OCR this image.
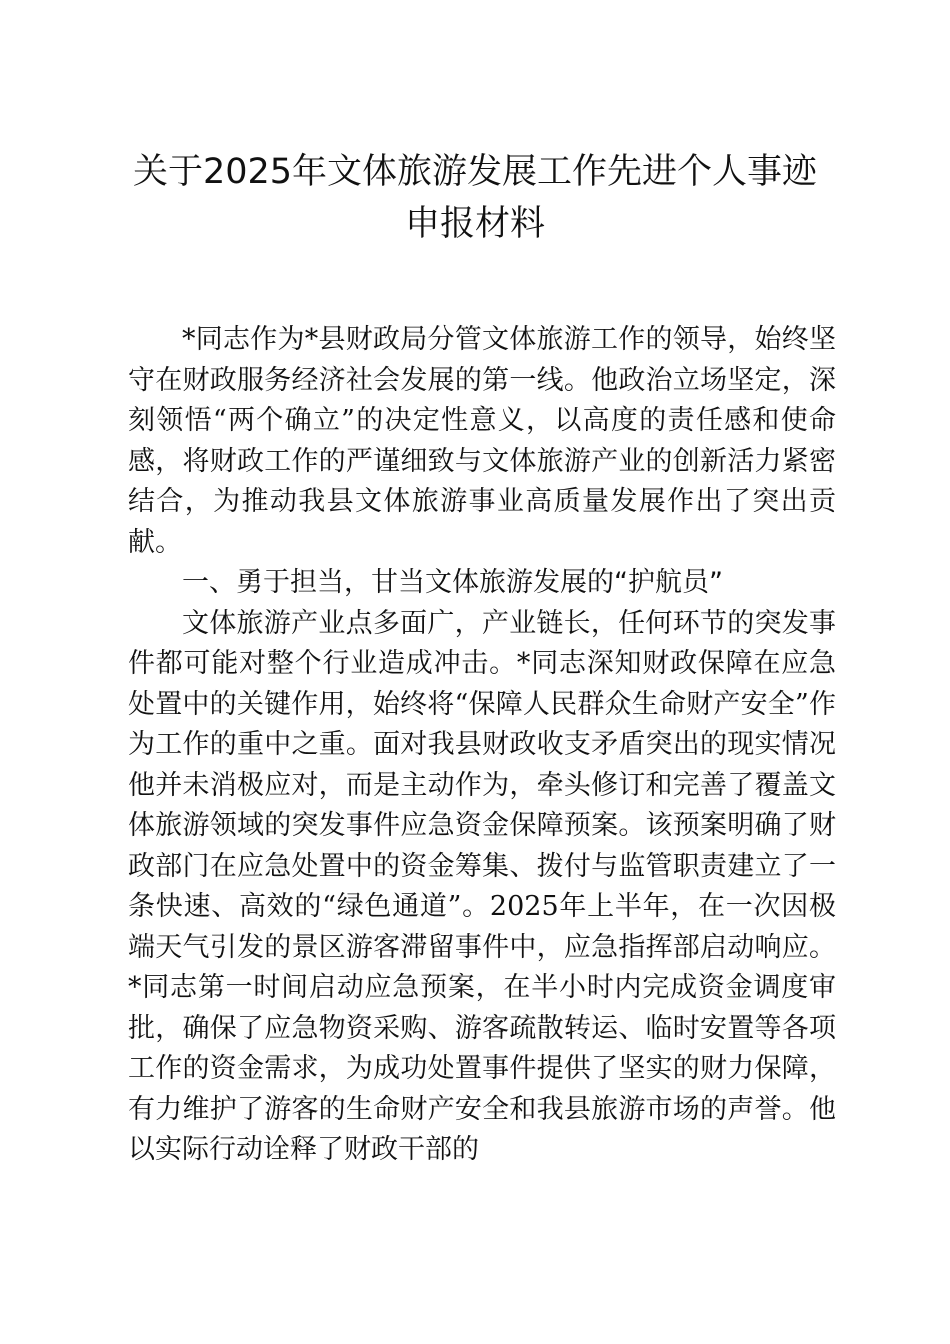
关于2025年文体旅游发展工作先进个人事迹
申报材料

*同志作为*县财政局分管文体旅游工作的领导，始终坚守在财政服务经济社会发展的第一线。他政治立场坚定，深刻领悟“两个确立”的决定性意义，以高度的责任感和使命感，将财政工作的严谨细致与文体旅游产业的创新活力紧密结合，为推动我县文体旅游事业高质量发展作出了突出贡献。

一、勇于担当，甘当文体旅游发展的“护航员”

文体旅游产业点多面广，产业链长，任何环节的突发事件都可能对整个行业造成冲击。*同志深知财政保障在应急处置中的关键作用，始终将“保障人民群众生命财产安全”作为工作的重中之重。面对我县财政收支矛盾突出的现实情况他并未消极应对，而是主动作为，牵头修订和完善了覆盖文体旅游领域的突发事件应急资金保障预案。该预案明确了财政部门在应急处置中的资金筹集、拨付与监管职责建立了一条快速、高效的“绿色通道”。2025年上半年，在一次因极端天气引发的景区游客滞留事件中，应急指挥部启动响应。*同志第一时间启动应急预案，在半小时内完成资金调度审批，确保了应急物资采购、游客疏散转运、临时安置等各项工作的资金需求，为成功处置事件提供了坚实的财力保障，有力维护了游客的生命财产安全和我县旅游市场的声誉。他以实际行动诠释了财政干部的
